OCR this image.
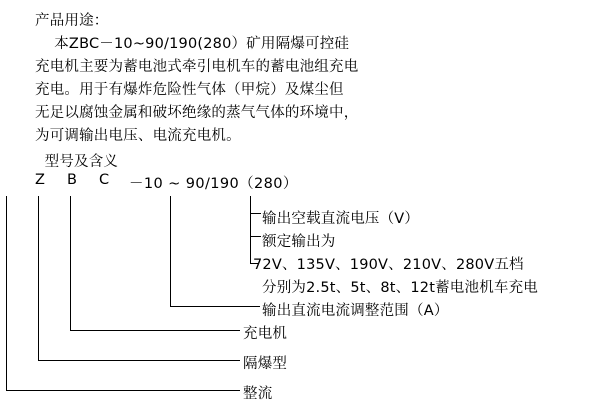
产品用途：
本ZBC－10~90/190(280）矿用隔爆可控硅
充电机主要为蓄电池式牵引电机车的蓄电池组充电
充电。用于有爆炸危险性气体（甲烷）及煤尘但
无足以腐蚀金属和破坏绝缘的蒸气气体的环境中，
为可调输出电压、电流充电机。
型号及含义
Z B C －10 ~ 90/190（280）
输出空载直流电压（V）
额定输出为
72V、135V、190V、210V、280V五档
分别为2.5t、5t、8t、12t蓄电池机车充电
输出直流电流调整范围（A）
充电机
隔爆型
整流
